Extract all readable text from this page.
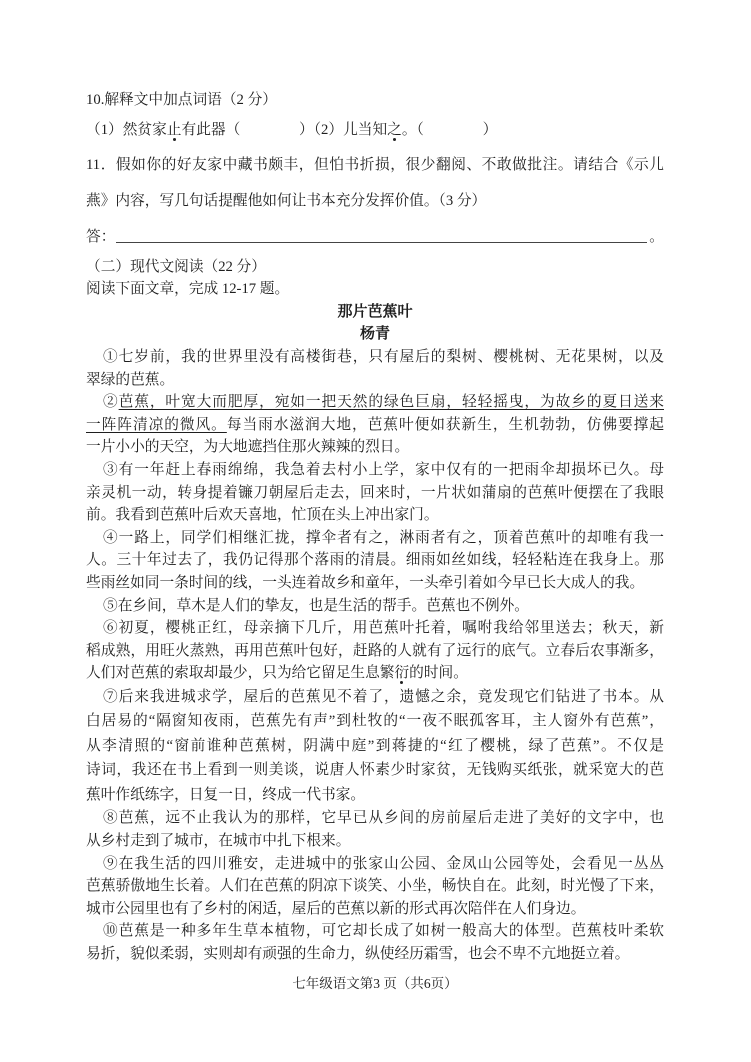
10.解释文中加点词语（2 分）
（1）然贫家止有此器（　　　　）（2）儿当知之。（　　　　）
11．假如你的好友家中藏书颇丰，但怕书折损，很少翻阅、不敢做批注。请结合《示儿
燕》内容，写几句话提醒他如何让书本充分发挥价值。（3 分）
答：	。
（二）现代文阅读（22 分）
阅读下面文章，完成 12-17 题。
那片芭蕉叶
杨青
①七岁前，我的世界里没有高楼街巷，只有屋后的梨树、樱桃树、无花果树，以及
翠绿的芭蕉。
②芭蕉，叶宽大而肥厚，宛如一把天然的绿色巨扇，轻轻摇曳，为故乡的夏日送来
一阵阵清凉的微风。每当雨水滋润大地，芭蕉叶便如获新生，生机勃勃，仿佛要撑起
一片小小的天空，为大地遮挡住那火辣辣的烈日。
③有一年赶上春雨绵绵，我急着去村小上学，家中仅有的一把雨伞却损坏已久。母
亲灵机一动，转身提着镰刀朝屋后走去，回来时，一片状如蒲扇的芭蕉叶便摆在了我眼
前。我看到芭蕉叶后欢天喜地，忙顶在头上冲出家门。
④一路上，同学们相继汇拢，撑伞者有之，淋雨者有之，顶着芭蕉叶的却唯有我一
人。三十年过去了，我仍记得那个落雨的清晨。细雨如丝如线，轻轻粘连在我身上。那
些雨丝如同一条时间的线，一头连着故乡和童年，一头牵引着如今早已长大成人的我。
⑤在乡间，草木是人们的挚友，也是生活的帮手。芭蕉也不例外。
⑥初夏，樱桃正红，母亲摘下几斤，用芭蕉叶托着，嘱咐我给邻里送去；秋天，新
稻成熟，用旺火蒸熟，再用芭蕉叶包好，赶路的人就有了远行的底气。立春后农事渐多，
人们对芭蕉的索取却最少，只为给它留足生息繁衍的时间。
⑦后来我进城求学，屋后的芭蕉见不着了，遗憾之余，竟发现它们钻进了书本。从
白居易的“隔窗知夜雨，芭蕉先有声”到杜牧的“一夜不眠孤客耳，主人窗外有芭蕉”，
从李清照的“窗前谁种芭蕉树，阴满中庭”到蒋捷的“红了樱桃，绿了芭蕉”。不仅是
诗词，我还在书上看到一则美谈，说唐人怀素少时家贫，无钱购买纸张，就采宽大的芭
蕉叶作纸练字，日复一日，终成一代书家。
⑧芭蕉，远不止我认为的那样，它早已从乡间的房前屋后走进了美好的文字中，也
从乡村走到了城市，在城市中扎下根来。
⑨在我生活的四川雅安，走进城中的张家山公园、金凤山公园等处，会看见一丛丛
芭蕉骄傲地生长着。人们在芭蕉的阴凉下谈笑、小坐，畅快自在。此刻，时光慢了下来，
城市公园里也有了乡村的闲适，屋后的芭蕉以新的形式再次陪伴在人们身边。
⑩芭蕉是一种多年生草本植物，可它却长成了如树一般高大的体型。芭蕉枝叶柔软
易折，貌似柔弱，实则却有顽强的生命力，纵使经历霜雪，也会不卑不亢地挺立着。
七年级语文第3 页（共6页）
